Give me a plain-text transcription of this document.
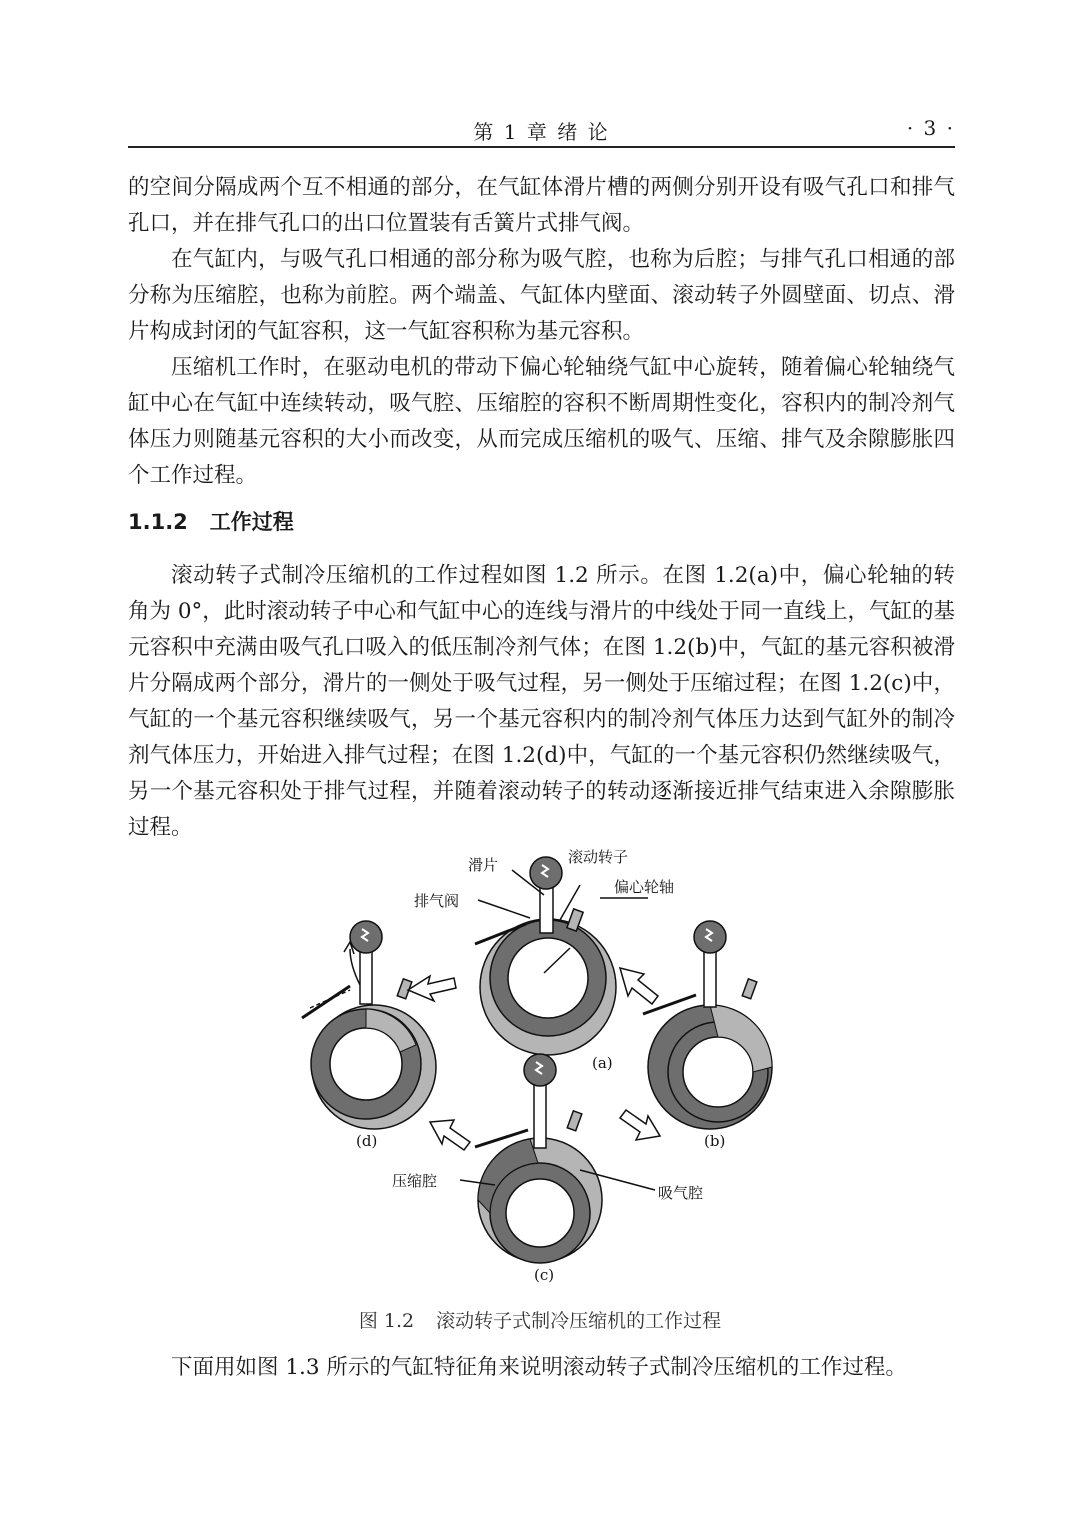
第 1 章 绪 论	· 3 ·

的空间分隔成两个互不相通的部分，在气缸体滑片槽的两侧分别开设有吸气孔口和排气孔口，并在排气孔口的出口位置装有舌簧片式排气阀。

在气缸内，与吸气孔口相通的部分称为吸气腔，也称为后腔；与排气孔口相通的部分称为压缩腔，也称为前腔。两个端盖、气缸体内壁面、滚动转子外圆壁面、切点、滑片构成封闭的气缸容积，这一气缸容积称为基元容积。

压缩机工作时，在驱动电机的带动下偏心轮轴绕气缸中心旋转，随着偏心轮轴绕气缸中心在气缸中连续转动，吸气腔、压缩腔的容积不断周期性变化，容积内的制冷剂气体压力则随基元容积的大小而改变，从而完成压缩机的吸气、压缩、排气及余隙膨胀四个工作过程。

1.1.2 工作过程

滚动转子式制冷压缩机的工作过程如图 1.2 所示。在图 1.2(a)中，偏心轮轴的转角为 0°，此时滚动转子中心和气缸中心的连线与滑片的中线处于同一直线上，气缸的基元容积中充满由吸气孔口吸入的低压制冷剂气体；在图 1.2(b)中，气缸的基元容积被滑片分隔成两个部分，滑片的一侧处于吸气过程，另一侧处于压缩过程；在图 1.2(c)中，气缸的一个基元容积继续吸气，另一个基元容积内的制冷剂气体压力达到气缸外的制冷剂气体压力，开始进入排气过程；在图 1.2(d)中，气缸的一个基元容积仍然继续吸气，另一个基元容积处于排气过程，并随着滚动转子的转动逐渐接近排气结束进入余隙膨胀过程。

滑片	滚动转子
偏心轮轴
排气阀
(a)
(b)
(c)
(d)
压缩腔
吸气腔
图 1.2 滚动转子式制冷压缩机的工作过程

下面用如图 1.3 所示的气缸特征角来说明滚动转子式制冷压缩机的工作过程。
